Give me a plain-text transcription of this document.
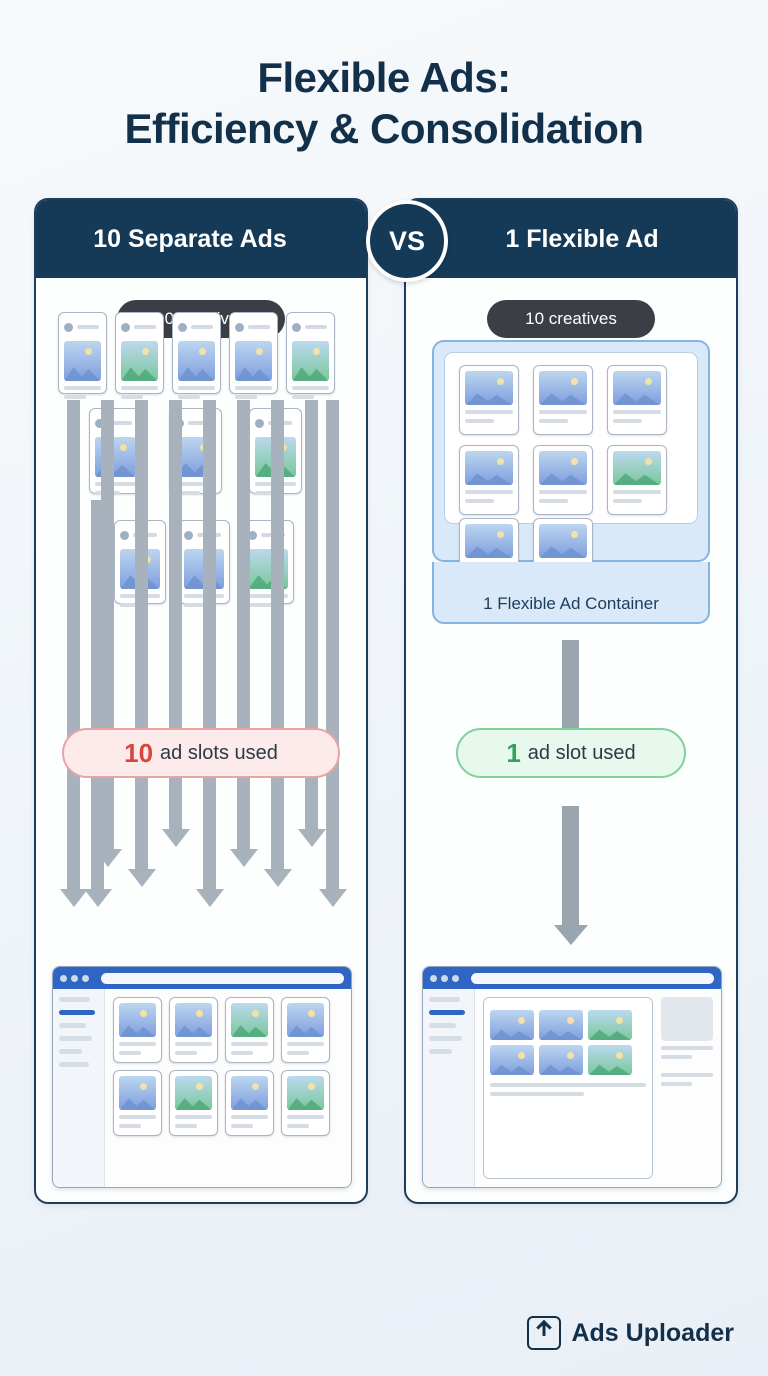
Flexible Ads:
Efficiency & Consolidation
10 Separate Ads
10
10 ad slots used
1 Flexible Ad
10 creatives
1 Flexible Ad Container
1 ad slot used
VS
Ads Uploader
